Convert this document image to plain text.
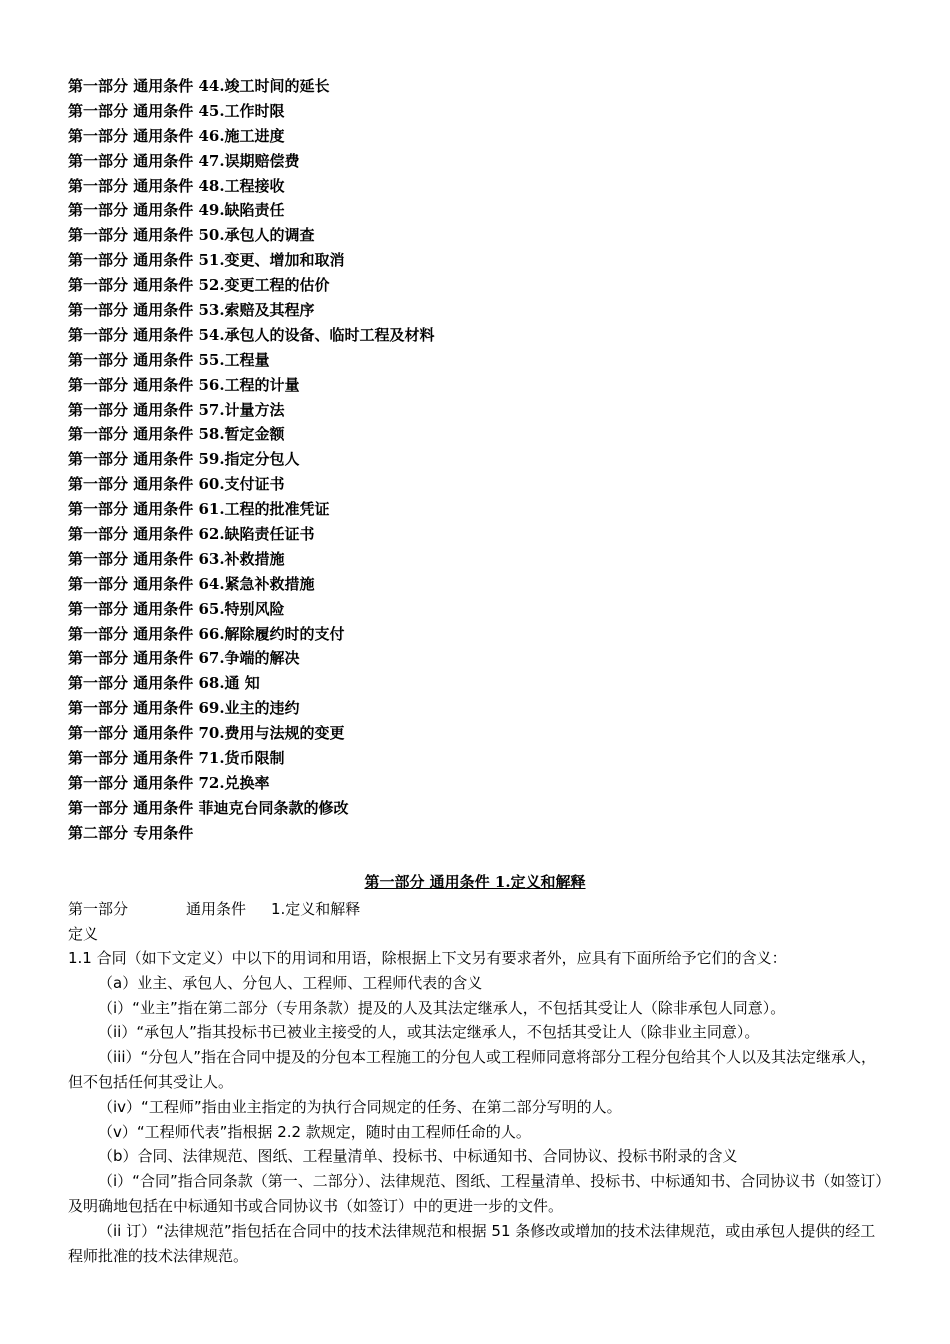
第一部分 通用条件 44.竣工时间的延长
第一部分 通用条件 45.工作时限
第一部分 通用条件 46.施工进度
第一部分 通用条件 47.误期赔偿费
第一部分 通用条件 48.工程接收
第一部分 通用条件 49.缺陷责任
第一部分 通用条件 50.承包人的调查
第一部分 通用条件 51.变更、增加和取消
第一部分 通用条件 52.变更工程的估价
第一部分 通用条件 53.索赔及其程序
第一部分 通用条件 54.承包人的设备、临时工程及材料
第一部分 通用条件 55.工程量
第一部分 通用条件 56.工程的计量
第一部分 通用条件 57.计量方法
第一部分 通用条件 58.暂定金额
第一部分 通用条件 59.指定分包人
第一部分 通用条件 60.支付证书
第一部分 通用条件 61.工程的批准凭证
第一部分 通用条件 62.缺陷责任证书
第一部分 通用条件 63.补救措施
第一部分 通用条件 64.紧急补救措施
第一部分 通用条件 65.特别风险
第一部分 通用条件 66.解除履约时的支付
第一部分 通用条件 67.争端的解决
第一部分 通用条件 68.通 知
第一部分 通用条件 69.业主的违约
第一部分 通用条件 70.费用与法规的变更
第一部分 通用条件 71.货币限制
第一部分 通用条件 72.兑换率
第一部分 通用条件 菲迪克台同条款的修改
第二部分 专用条件
第一部分 通用条件 1.定义和解释
第一部分	通用条件 1.定义和解释
定义

1.1 合同（如下文定义）中以下的用词和用语，除根据上下文另有要求者外，应具有下面所给予它们的含义：

（a）业主、承包人、分包人、工程师、工程师代表的含义

（i）“业主”指在第二部分（专用条款）提及的人及其法定继承人，不包括其受让人（除非承包人同意）。

（ii）“承包人”指其投标书已被业主接受的人，或其法定继承人，不包括其受让人（除非业主同意）。

（iii）“分包人”指在合同中提及的分包本工程施工的分包人或工程师同意将部分工程分包给其个人以及其法定继承人，但不包括任何其受让人。

（iv）“工程师”指由业主指定的为执行合同规定的任务、在第二部分写明的人。

（v）“工程师代表”指根据 2.2 款规定，随时由工程师任命的人。

（b）合同、法律规范、图纸、工程量清单、投标书、中标通知书、合同协议、投标书附录的含义

（i）“合同”指合同条款（第一、二部分）、法律规范、图纸、工程量清单、投标书、中标通知书、合同协议书（如签订）及明确地包括在中标通知书或合同协议书（如签订）中的更进一步的文件。

（ii 订）“法律规范”指包括在合同中的技术法律规范和根据 51 条修改或增加的技术法律规范，或由承包人提供的经工程师批准的技术法律规范。
